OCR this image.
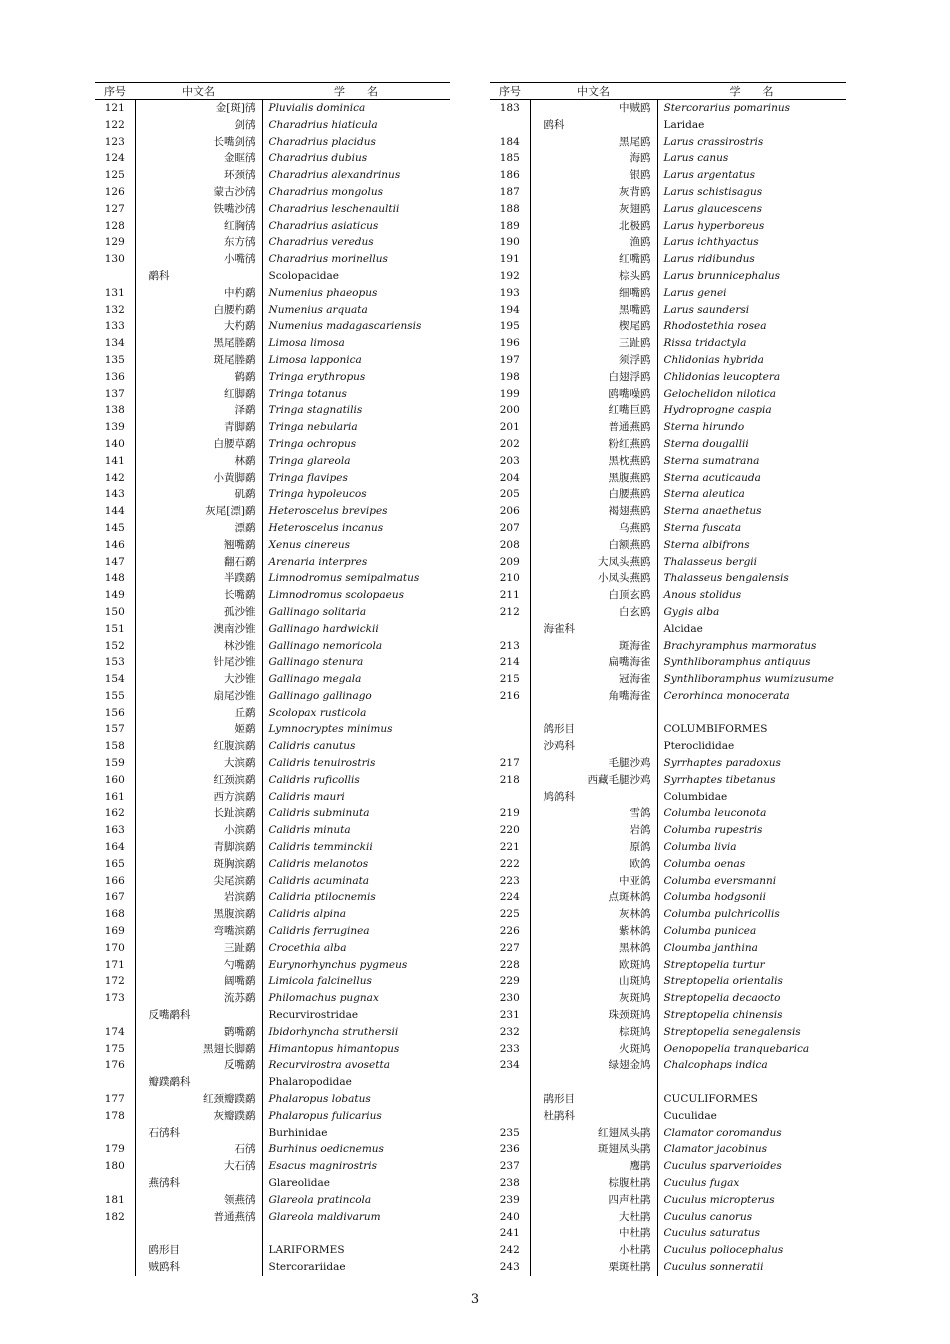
序号	中文名	学　　名
121	金[斑]鸻	Pluvialis dominica
122	剑鸻	Charadrius hiaticula
123	长嘴剑鸻	Charadrius placidus
124	金眶鸻	Charadrius dubius
125	环颈鸻	Charadrius alexandrinus
126	蒙古沙鸻	Charadrius mongolus
127	铁嘴沙鸻	Charadrius leschenaultii
128	红胸鸻	Charadrius asiaticus
129	东方鸻	Charadrius veredus
130	小嘴鸻	Charadrius morinellus
	鹬科	Scolopacidae
131	中杓鹬	Numenius phaeopus
132	白腰杓鹬	Numenius arquata
133	大杓鹬	Numenius madagascariensis
134	黑尾塍鹬	Limosa limosa
135	斑尾塍鹬	Limosa lapponica
136	鹤鹬	Tringa erythropus
137	红脚鹬	Tringa totanus
138	泽鹬	Tringa stagnatilis
139	青脚鹬	Tringa nebularia
140	白腰草鹬	Tringa ochropus
141	林鹬	Tringa glareola
142	小黄脚鹬	Tringa flavipes
143	矶鹬	Tringa hypoleucos
144	灰尾[漂]鹬	Heteroscelus brevipes
145	漂鹬	Heteroscelus incanus
146	翘嘴鹬	Xenus cinereus
147	翻石鹬	Arenaria interpres
148	半蹼鹬	Limnodromus semipalmatus
149	长嘴鹬	Limnodromus scolopaeus
150	孤沙锥	Gallinago solitaria
151	澳南沙锥	Gallinago hardwickii
152	林沙锥	Gallinago nemoricola
153	针尾沙锥	Gallinago stenura
154	大沙锥	Gallinago megala
155	扇尾沙锥	Gallinago gallinago
156	丘鹬	Scolopax rusticola
157	姬鹬	Lymnocryptes minimus
158	红腹滨鹬	Calidris canutus
159	大滨鹬	Calidris tenuirostris
160	红颈滨鹬	Calidris ruficollis
161	西方滨鹬	Calidris mauri
162	长趾滨鹬	Calidris subminuta
163	小滨鹬	Calidris minuta
164	青脚滨鹬	Calidris temminckii
165	斑胸滨鹬	Calidris melanotos
166	尖尾滨鹬	Calidris acuminata
167	岩滨鹬	Calidria ptilocnemis
168	黑腹滨鹬	Calidris alpina
169	弯嘴滨鹬	Calidris ferruginea
170	三趾鹬	Crocethia alba
171	勺嘴鹬	Eurynorhynchus pygmeus
172	阔嘴鹬	Limicola falcinellus
173	流苏鹬	Philomachus pugnax
	反嘴鹬科	Recurvirostridae
174	鹮嘴鹬	Ibidorhyncha struthersii
175	黑翅长脚鹬	Himantopus himantopus
176	反嘴鹬	Recurvirostra avosetta
	瓣蹼鹬科	Phalaropodidae
177	红颈瓣蹼鹬	Phalaropus lobatus
178	灰瓣蹼鹬	Phalaropus fulicarius
	石鸻科	Burhinidae
179	石鸻	Burhinus oedicnemus
180	大石鸻	Esacus magnirostris
	燕鸻科	Glareolidae
181	领燕鸻	Glareola pratincola
182	普通燕鸻	Glareola maldivarum

	鸥形目	LARIFORMES
	贼鸥科	Stercorariidae
序号	中文名	学　　名
183	中贼鸥	Stercorarius pomarinus
	鸥科	Laridae
184	黑尾鸥	Larus crassirostris
185	海鸥	Larus canus
186	银鸥	Larus argentatus
187	灰背鸥	Larus schistisagus
188	灰翅鸥	Larus glaucescens
189	北极鸥	Larus hyperboreus
190	渔鸥	Larus ichthyactus
191	红嘴鸥	Larus ridibundus
192	棕头鸥	Larus brunnicephalus
193	细嘴鸥	Larus genei
194	黑嘴鸥	Larus saundersi
195	楔尾鸥	Rhodostethia rosea
196	三趾鸥	Rissa tridactyla
197	须浮鸥	Chlidonias hybrida
198	白翅浮鸥	Chlidonias leucoptera
199	鸥嘴噪鸥	Gelochelidon nilotica
200	红嘴巨鸥	Hydroprogne caspia
201	普通燕鸥	Sterna hirundo
202	粉红燕鸥	Sterna dougallii
203	黑枕燕鸥	Sterna sumatrana
204	黑腹燕鸥	Sterna acuticauda
205	白腰燕鸥	Sterna aleutica
206	褐翅燕鸥	Sterna anaethetus
207	乌燕鸥	Sterna fuscata
208	白额燕鸥	Sterna albifrons
209	大凤头燕鸥	Thalasseus bergii
210	小凤头燕鸥	Thalasseus bengalensis
211	白顶玄鸥	Anous stolidus
212	白玄鸥	Gygis alba
	海雀科	Alcidae
213	斑海雀	Brachyramphus marmoratus
214	扁嘴海雀	Synthliboramphus antiquus
215	冠海雀	Synthliboramphus wumizusume
216	角嘴海雀	Cerorhinca monocerata

	鸽形目	COLUMBIFORMES
	沙鸡科	Pteroclididae
217	毛腿沙鸡	Syrrhaptes paradoxus
218	西藏毛腿沙鸡	Syrrhaptes tibetanus
	鸠鸽科	Columbidae
219	雪鸽	Columba leuconota
220	岩鸽	Columba rupestris
221	原鸽	Columba livia
222	欧鸽	Columba oenas
223	中亚鸽	Columba eversmanni
224	点斑林鸽	Columba hodgsonii
225	灰林鸽	Columba pulchricollis
226	紫林鸽	Columba punicea
227	黑林鸽	Cloumba janthina
228	欧斑鸠	Streptopelia turtur
229	山斑鸠	Streptopelia orientalis
230	灰斑鸠	Streptopelia decaocto
231	珠颈斑鸠	Streptopelia chinensis
232	棕斑鸠	Streptopelia senegalensis
233	火斑鸠	Oenopopelia tranquebarica
234	绿翅金鸠	Chalcophaps indica

	鹃形目	CUCULIFORMES
	杜鹃科	Cuculidae
235	红翅凤头鹃	Clamator coromandus
236	斑翅凤头鹃	Clamator jacobinus
237	鹰鹃	Cuculus sparverioides
238	棕腹杜鹃	Cuculus fugax
239	四声杜鹃	Cuculus micropterus
240	大杜鹃	Cuculus canorus
241	中杜鹃	Cuculus saturatus
242	小杜鹃	Cuculus poliocephalus
243	栗斑杜鹃	Cuculus sonneratii
3
